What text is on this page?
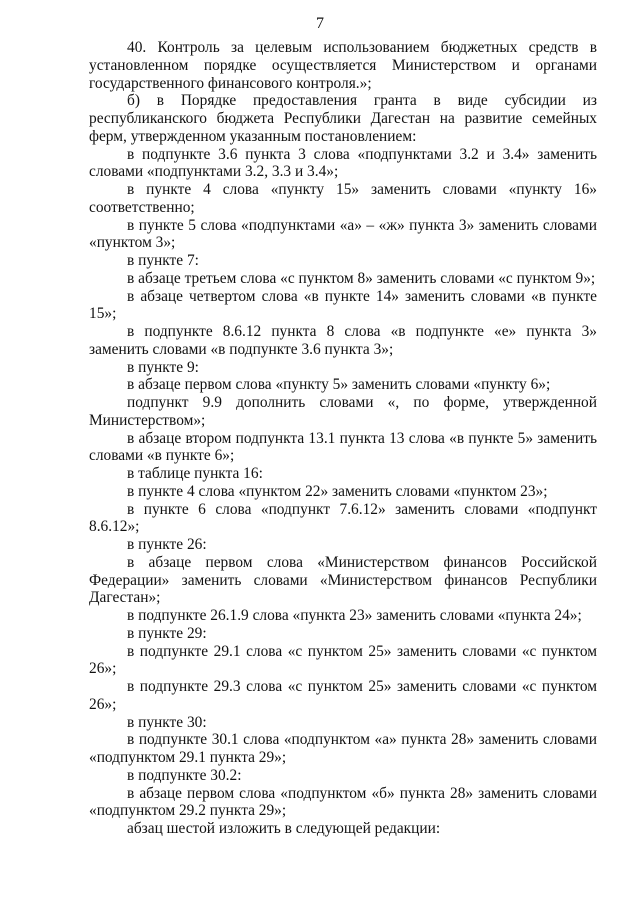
7

40. Контроль за целевым использованием бюджетных средств в установленном порядке осуществляется Министерством и органами государственного финансового контроля.»;

б) в Порядке предоставления гранта в виде субсидии из республиканского бюджета Республики Дагестан на развитие семейных ферм, утвержденном указанным постановлением:

в подпункте 3.6 пункта 3 слова «подпунктами 3.2 и 3.4» заменить словами «подпунктами 3.2, 3.3 и 3.4»;

в пункте 4 слова «пункту 15» заменить словами «пункту 16» соответственно;

в пункте 5 слова «подпунктами «а» – «ж» пункта 3» заменить словами «пунктом 3»;

в пункте 7:

в абзаце третьем слова «с пунктом 8» заменить словами «с пунктом 9»;

в абзаце четвертом слова «в пункте 14» заменить словами «в пункте 15»;

в подпункте 8.6.12 пункта 8 слова «в подпункте «е» пункта 3» заменить словами «в подпункте 3.6 пункта 3»;

в пункте 9:

в абзаце первом слова «пункту 5» заменить словами «пункту 6»;

подпункт 9.9 дополнить словами «, по форме, утвержденной Министерством»;

в абзаце втором подпункта 13.1 пункта 13 слова «в пункте 5» заменить словами «в пункте 6»;

в таблице пункта 16:

в пункте 4 слова «пунктом 22» заменить словами «пунктом 23»;

в пункте 6 слова «подпункт 7.6.12» заменить словами «подпункт 8.6.12»;

в пункте 26:

в абзаце первом слова «Министерством финансов Российской Федерации» заменить словами «Министерством финансов Республики Дагестан»;

в подпункте 26.1.9 слова «пункта 23» заменить словами «пункта 24»;

в пункте 29:

в подпункте 29.1 слова «с пунктом 25» заменить словами «с пунктом 26»;

в подпункте 29.3 слова «с пунктом 25» заменить словами «с пунктом 26»;

в пункте 30:

в подпункте 30.1 слова «подпунктом «а» пункта 28» заменить словами «подпунктом 29.1 пункта 29»;

в подпункте 30.2:

в абзаце первом слова «подпунктом «б» пункта 28» заменить словами «подпунктом 29.2 пункта 29»;

абзац шестой изложить в следующей редакции:
